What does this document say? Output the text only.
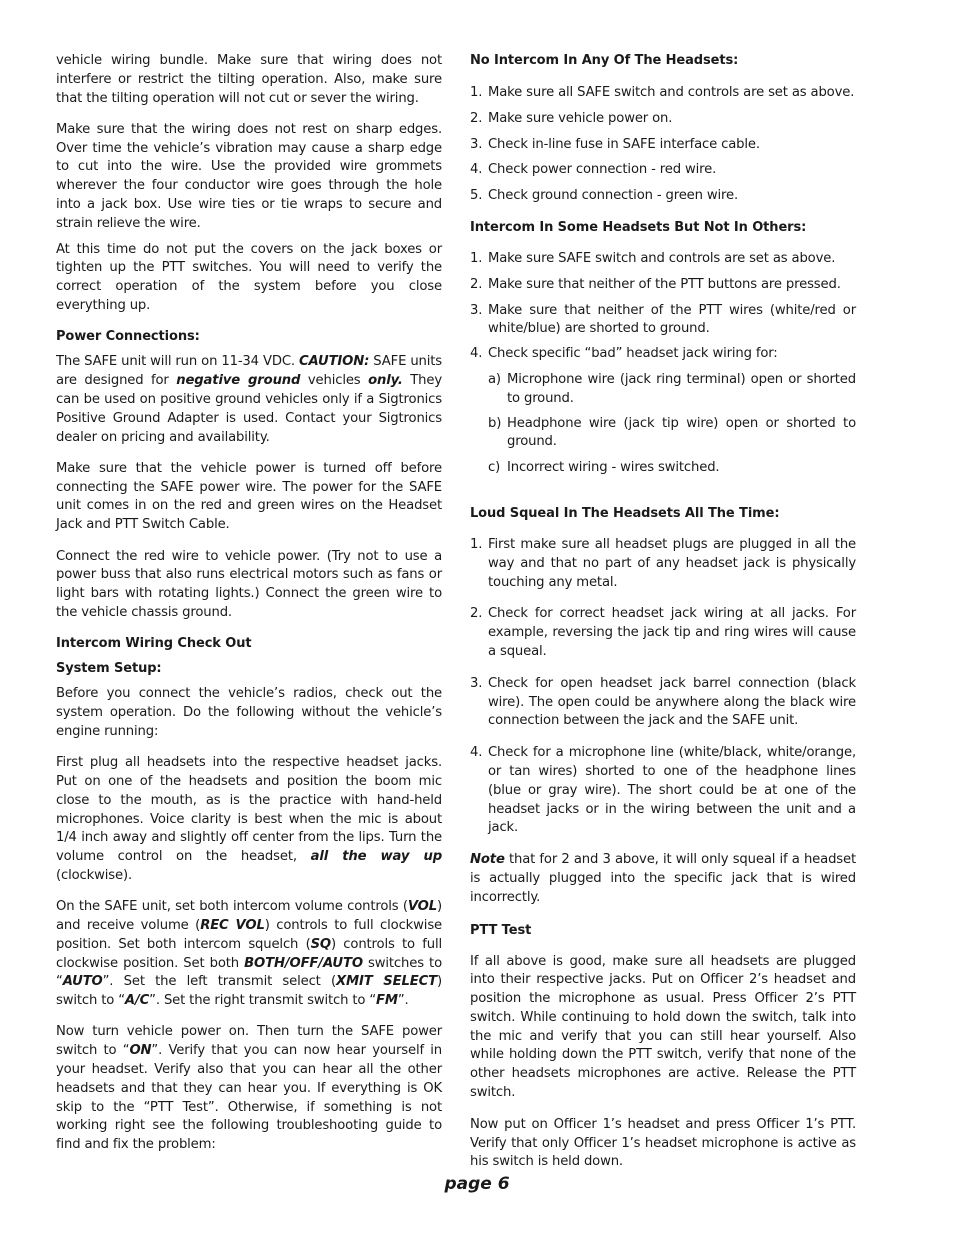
vehicle wiring bundle. Make sure that wiring does not interfere or restrict the tilting operation. Also, make sure that the tilting operation will not cut or sever the wiring.

Make sure that the wiring does not rest on sharp edges. Over time the vehicle’s vibration may cause a sharp edge to cut into the wire. Use the provided wire grommets wherever the four conductor wire goes through the hole into a jack box. Use wire ties or tie wraps to secure and strain relieve the wire.

At this time do not put the covers on the jack boxes or tighten up the PTT switches. You will need to verify the correct operation of the system before you close everything up.

Power Connections:

The SAFE unit will run on 11-34 VDC. CAUTION: SAFE units are designed for negative ground vehicles only. They can be used on positive ground vehicles only if a Sigtronics Positive Ground Adapter is used. Contact your Sigtronics dealer on pricing and availability.

Make sure that the vehicle power is turned off before connecting the SAFE power wire. The power for the SAFE unit comes in on the red and green wires on the Headset Jack and PTT Switch Cable.

Connect the red wire to vehicle power. (Try not to use a power buss that also runs electrical motors such as fans or light bars with rotating lights.) Connect the green wire to the vehicle chassis ground.

Intercom Wiring Check Out
System Setup:

Before you connect the vehicle’s radios, check out the system operation. Do the following without the vehicle’s engine running:

First plug all headsets into the respective headset jacks. Put on one of the headsets and position the boom mic close to the mouth, as is the practice with hand-held microphones. Voice clarity is best when the mic is about 1/4 inch away and slightly off center from the lips. Turn the volume control on the headset, all the way up (clockwise).

On the SAFE unit, set both intercom volume controls (VOL) and receive volume (REC VOL) controls to full clockwise position. Set both intercom squelch (SQ) controls to full clockwise position. Set both BOTH/OFF/AUTO switches to “AUTO”. Set the left transmit select (XMIT SELECT) switch to “A/C”. Set the right transmit switch to “FM”.

Now turn vehicle power on. Then turn the SAFE power switch to “ON”. Verify that you can now hear yourself in your headset. Verify also that you can hear all the other headsets and that they can hear you. If everything is OK skip to the “PTT Test”. Otherwise, if something is not working right see the following troubleshooting guide to find and fix the problem:

No Intercom In Any Of The Headsets:
1. Make sure all SAFE switch and controls are set as above.
2. Make sure vehicle power on.
3. Check in-line fuse in SAFE interface cable.
4. Check power connection - red wire.
5. Check ground connection - green wire.
Intercom In Some Headsets But Not In Others:
1. Make sure SAFE switch and controls are set as above.
2. Make sure that neither of the PTT buttons are pressed.
3. Make sure that neither of the PTT wires (white/red or white/blue) are shorted to ground.
4. Check specific “bad” headset jack wiring for:
a) Microphone wire (jack ring terminal) open or shorted to ground.
b) Headphone wire (jack tip wire) open or shorted to ground.
c) Incorrect wiring - wires switched.
Loud Squeal In The Headsets All The Time:
1. First make sure all headset plugs are plugged in all the way and that no part of any headset jack is physically touching any metal.
2. Check for correct headset jack wiring at all jacks. For example, reversing the jack tip and ring wires will cause a squeal.
3. Check for open headset jack barrel connection (black wire). The open could be anywhere along the black wire connection between the jack and the SAFE unit.
4. Check for a microphone line (white/black, white/orange, or tan wires) shorted to one of the headphone lines (blue or gray wire). The short could be at one of the headset jacks or in the wiring between the unit and a jack.

Note that for 2 and 3 above, it will only squeal if a headset is actually plugged into the specific jack that is wired incorrectly.

PTT Test

If all above is good, make sure all headsets are plugged into their respective jacks. Put on Officer 2’s headset and position the microphone as usual. Press Officer 2’s PTT switch. While continuing to hold down the switch, talk into the mic and verify that you can still hear yourself. Also while holding down the PTT switch, verify that none of the other headsets microphones are active. Release the PTT switch.

Now put on Officer 1’s headset and press Officer 1’s PTT. Verify that only Officer 1’s headset microphone is active as his switch is held down.

page 6
